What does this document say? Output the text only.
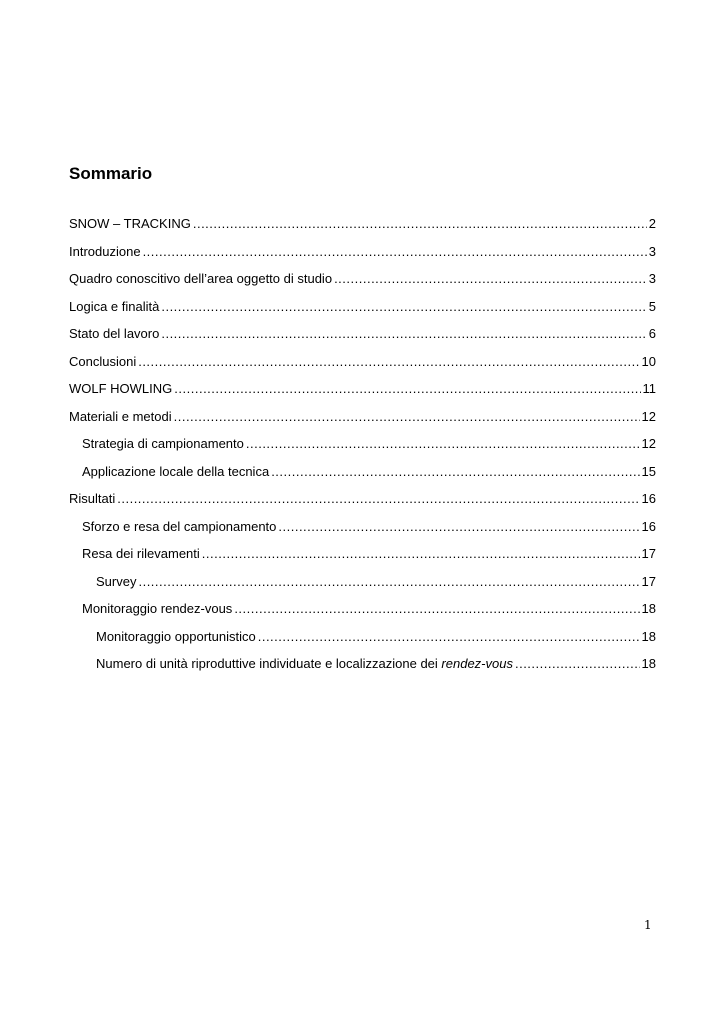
Sommario
SNOW – TRACKING .....	2
Introduzione .....	3
Quadro conoscitivo dell’area oggetto di studio .....	3
Logica e finalità .....	5
Stato del lavoro .....	6
Conclusioni .....	10
WOLF HOWLING .....	11
Materiali e metodi .....	12
Strategia di campionamento .....	12
Applicazione locale della tecnica .....	15
Risultati .....	16
Sforzo e resa del campionamento .....	16
Resa dei rilevamenti .....	17
Survey .....	17
Monitoraggio rendez-vous .....	18
Monitoraggio opportunistico .....	18
Numero di unità riproduttive individuate e localizzazione dei rendez-vous .....	18
1
